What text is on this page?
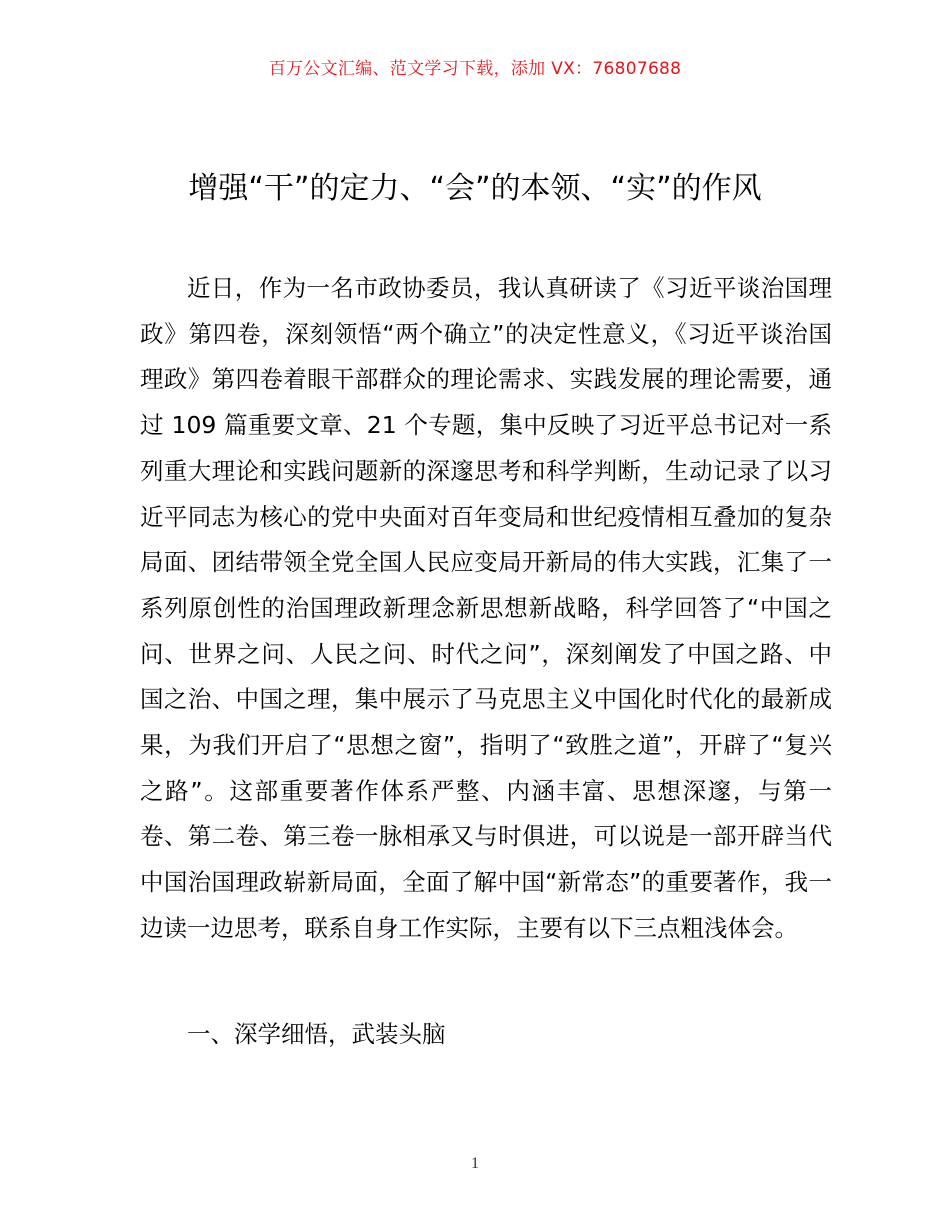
百万公文汇编、范文学习下载，添加 VX：76807688
增强“干”的定力、“会”的本领、“实”的作风

近日，作为一名市政协委员，我认真研读了《习近平谈治国理政》第四卷，深刻领悟“两个确立”的决定性意义，《习近平谈治国理政》第四卷着眼干部群众的理论需求、实践发展的理论需要，通过 109 篇重要文章、21 个专题，集中反映了习近平总书记对一系列重大理论和实践问题新的深邃思考和科学判断，生动记录了以习近平同志为核心的党中央面对百年变局和世纪疫情相互叠加的复杂局面、团结带领全党全国人民应变局开新局的伟大实践，汇集了一系列原创性的治国理政新理念新思想新战略，科学回答了“中国之问、世界之问、人民之问、时代之问”，深刻阐发了中国之路、中国之治、中国之理，集中展示了马克思主义中国化时代化的最新成果，为我们开启了“思想之窗”，指明了“致胜之道”，开辟了“复兴之路”。这部重要著作体系严整、内涵丰富、思想深邃，与第一卷、第二卷、第三卷一脉相承又与时俱进，可以说是一部开辟当代中国治国理政崭新局面，全面了解中国“新常态”的重要著作，我一边读一边思考，联系自身工作实际，主要有以下三点粗浅体会。

一、深学细悟，武装头脑

1
